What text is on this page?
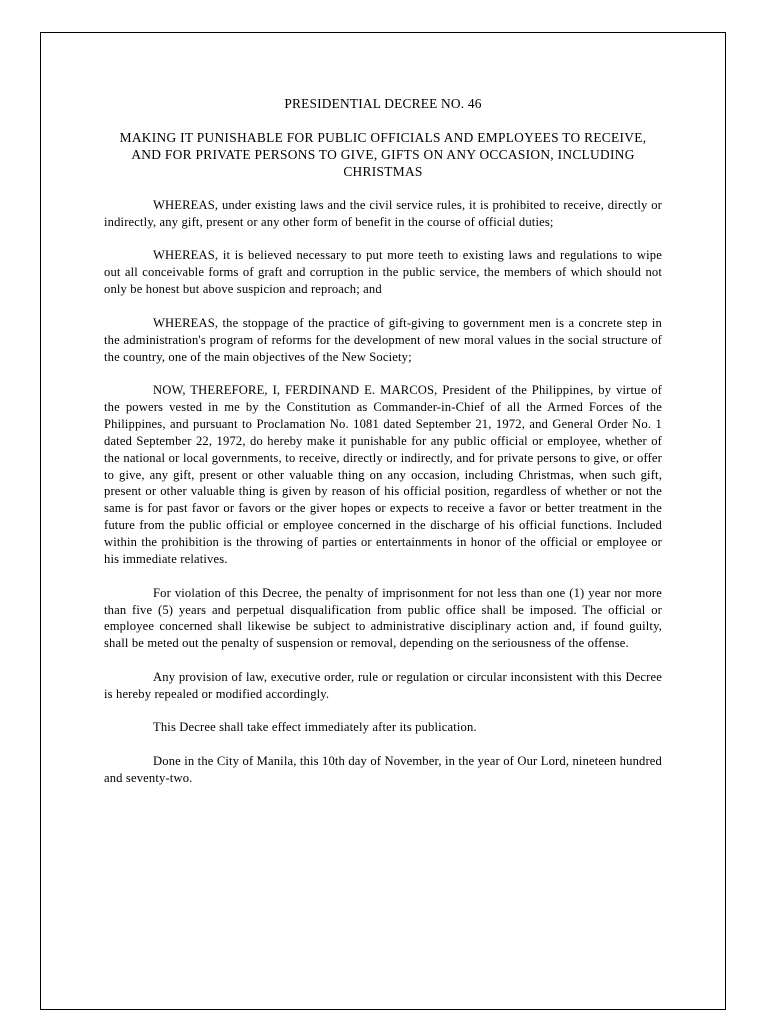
PRESIDENTIAL DECREE NO. 46
MAKING IT PUNISHABLE FOR PUBLIC OFFICIALS AND EMPLOYEES TO RECEIVE, AND FOR PRIVATE PERSONS TO GIVE, GIFTS ON ANY OCCASION, INCLUDING CHRISTMAS

WHEREAS, under existing laws and the civil service rules, it is prohibited to receive, directly or indirectly, any gift, present or any other form of benefit in the course of official duties;

WHEREAS, it is believed necessary to put more teeth to existing laws and regulations to wipe out all conceivable forms of graft and corruption in the public service, the members of which should not only be honest but above suspicion and reproach; and

WHEREAS, the stoppage of the practice of gift-giving to government men is a concrete step in the administration's program of reforms for the development of new moral values in the social structure of the country, one of the main objectives of the New Society;

NOW, THEREFORE, I, FERDINAND E. MARCOS, President of the Philippines, by virtue of the powers vested in me by the Constitution as Commander-in-Chief of all the Armed Forces of the Philippines, and pursuant to Proclamation No. 1081 dated September 21, 1972, and General Order No. 1 dated September 22, 1972, do hereby make it punishable for any public official or employee, whether of the national or local governments, to receive, directly or indirectly, and for private persons to give, or offer to give, any gift, present or other valuable thing on any occasion, including Christmas, when such gift, present or other valuable thing is given by reason of his official position, regardless of whether or not the same is for past favor or favors or the giver hopes or expects to receive a favor or better treatment in the future from the public official or employee concerned in the discharge of his official functions. Included within the prohibition is the throwing of parties or entertainments in honor of the official or employee or his immediate relatives.

For violation of this Decree, the penalty of imprisonment for not less than one (1) year nor more than five (5) years and perpetual disqualification from public office shall be imposed. The official or employee concerned shall likewise be subject to administrative disciplinary action and, if found guilty, shall be meted out the penalty of suspension or removal, depending on the seriousness of the offense.

Any provision of law, executive order, rule or regulation or circular inconsistent with this Decree is hereby repealed or modified accordingly.

This Decree shall take effect immediately after its publication.

Done in the City of Manila, this 10th day of November, in the year of Our Lord, nineteen hundred and seventy-two.
